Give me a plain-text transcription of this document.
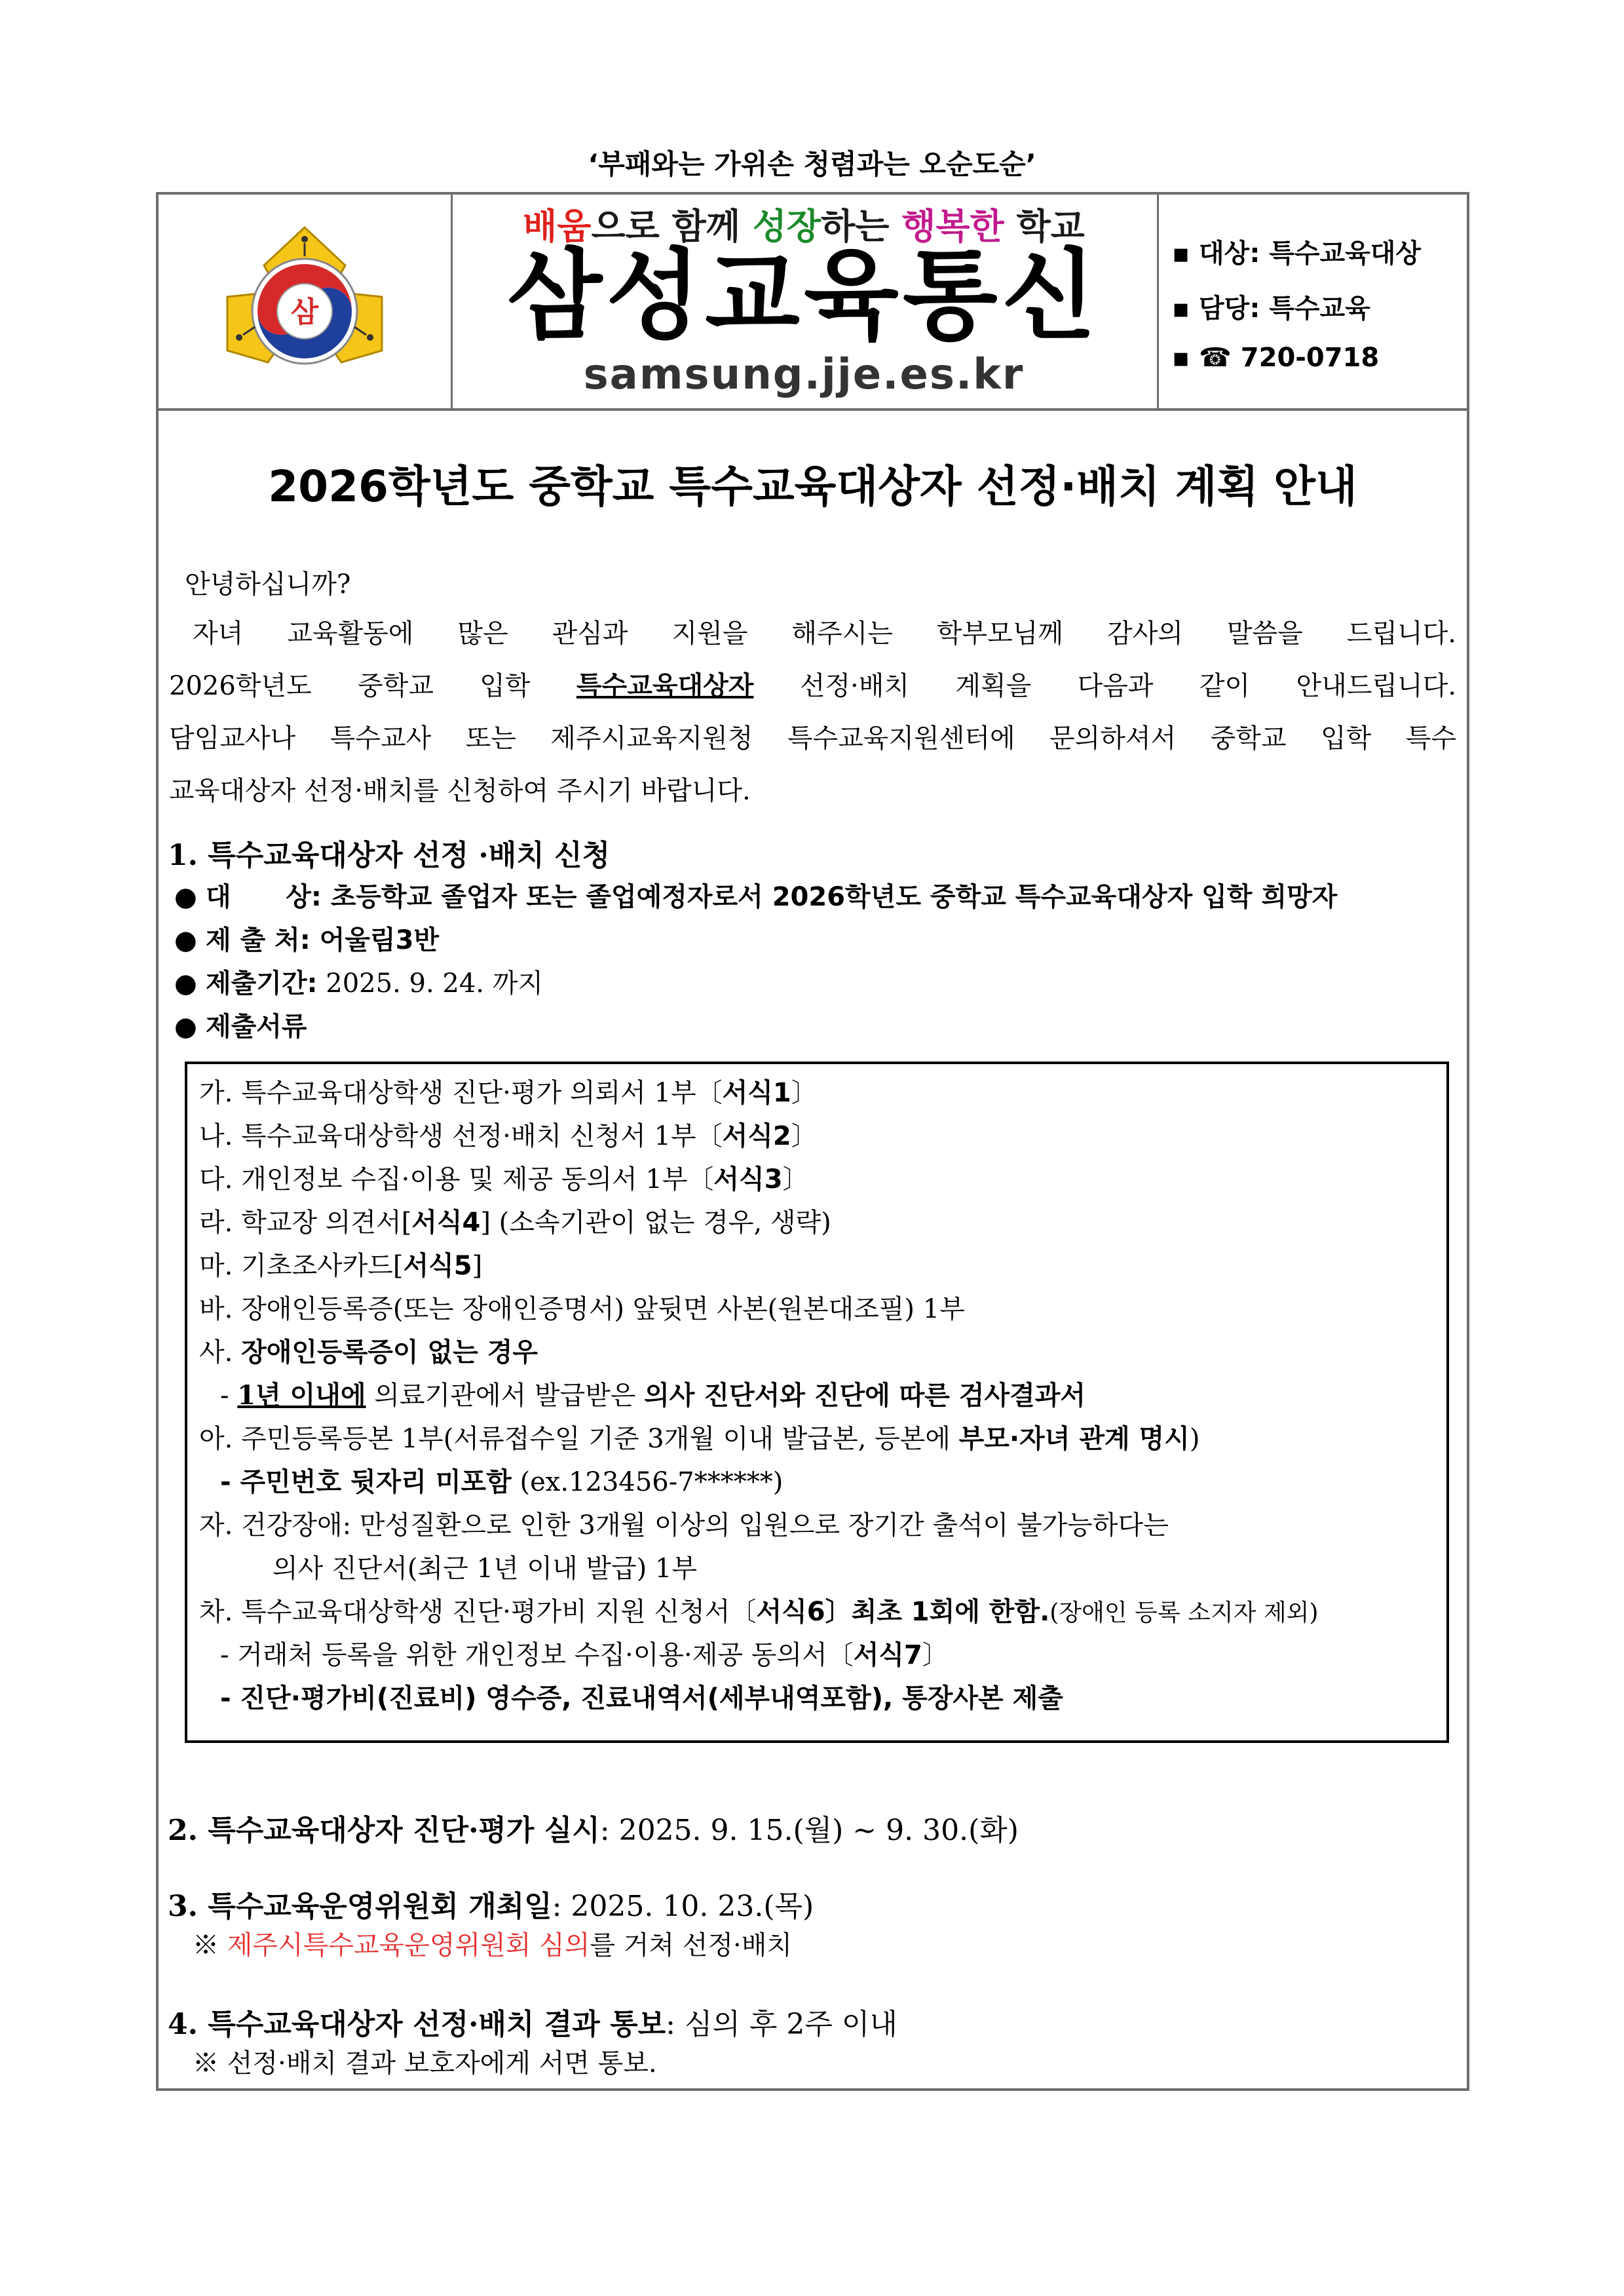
‘부패와는 가위손 청렴과는 오순도순’
삼
배움으로 함께 성장하는 행복한 학교
삼성교육통신
samsung.jje.es.kr
▪ 대상: 특수교육대상
▪ 담당: 특수교육
▪ ☎ 720-0718
2026학년도 중학교 특수교육대상자 선정·배치 계획 안내
안녕하십니까?
자녀 교육활동에 많은 관심과 지원을 해주시는 학부모님께 감사의 말씀을 드립니다.
2026학년도 중학교 입학 특수교육대상자 선정·배치 계획을 다음과 같이 안내드립니다.
담임교사나 특수교사 또는 제주시교육지원청 특수교육지원센터에 문의하셔서 중학교 입학 특수
교육대상자 선정·배치를 신청하여 주시기 바랍니다.
1. 특수교육대상자 선정 ·배치 신청
● 대      상: 초등학교 졸업자 또는 졸업예정자로서 2026학년도 중학교 특수교육대상자 입학 희망자
● 제 출 처: 어울림3반
● 제출기간: 2025. 9. 24. 까지
● 제출서류
가. 특수교육대상학생 진단·평가 의뢰서 1부〔서식1〕
나. 특수교육대상학생 선정·배치 신청서 1부〔서식2〕
다. 개인정보 수집·이용 및 제공 동의서 1부〔서식3〕
라. 학교장 의견서[서식4] (소속기관이 없는 경우, 생략)
마. 기초조사카드[서식5]
바. 장애인등록증(또는 장애인증명서) 앞뒷면 사본(원본대조필) 1부
사. 장애인등록증이 없는 경우
- 1년 이내에 의료기관에서 발급받은 의사 진단서와 진단에 따른 검사결과서
아. 주민등록등본 1부(서류접수일 기준 3개월 이내 발급본, 등본에 부모·자녀 관계 명시)
- 주민번호 뒷자리 미포함 (ex.123456-7******)
자. 건강장애: 만성질환으로 인한 3개월 이상의 입원으로 장기간 출석이 불가능하다는
의사 진단서(최근 1년 이내 발급) 1부
차. 특수교육대상학생 진단·평가비 지원 신청서〔서식6〕최초 1회에 한함.(장애인 등록 소지자 제외)
- 거래처 등록을 위한 개인정보 수집·이용·제공 동의서〔서식7〕
- 진단·평가비(진료비) 영수증, 진료내역서(세부내역포함), 통장사본 제출
2. 특수교육대상자 진단·평가 실시: 2025. 9. 15.(월) ~ 9. 30.(화)
3. 특수교육운영위원회 개최일: 2025. 10. 23.(목)
※ 제주시특수교육운영위원회 심의를 거쳐 선정·배치
4. 특수교육대상자 선정·배치 결과 통보: 심의 후 2주 이내
※ 선정·배치 결과 보호자에게 서면 통보.
